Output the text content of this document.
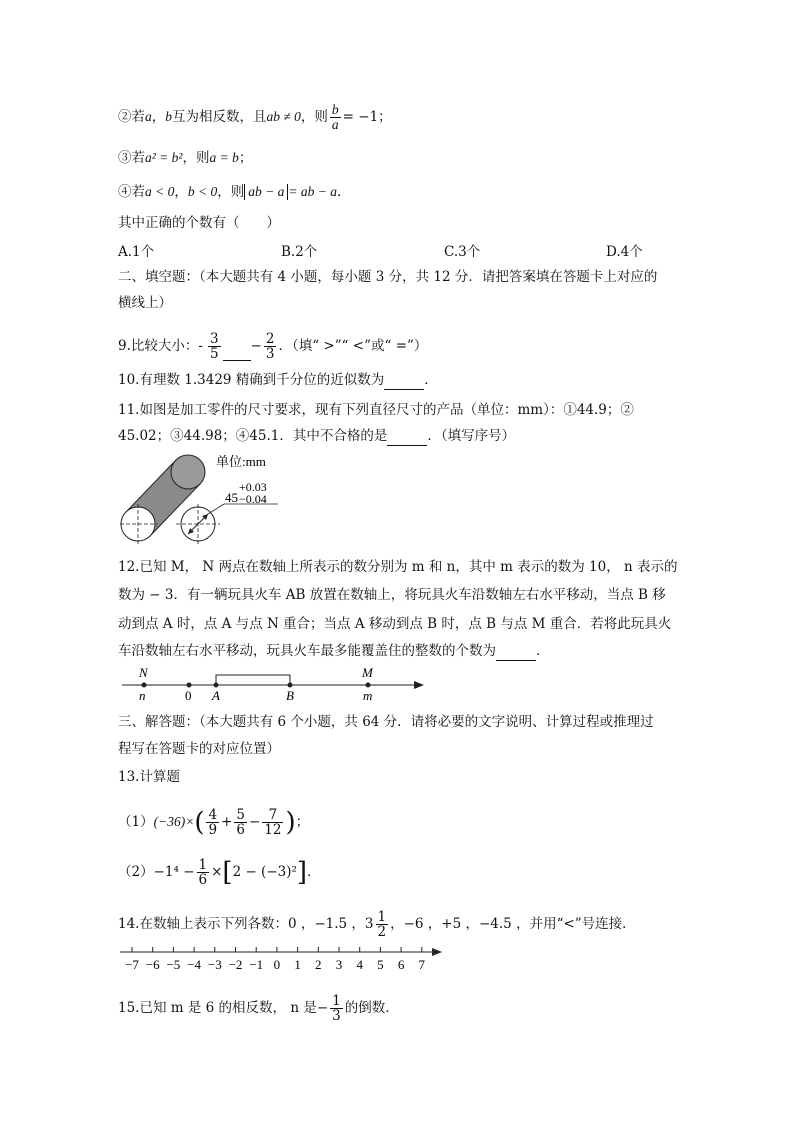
②若a，b互为相反数，且ab ≠ 0，则 $\frac{b}{a} = -1$；
③若a² = b²，则a = b；
④若a < 0，b < 0，则 ab − a = ab − a.
其中正确的个数有（　　）
A.1个	B.2个	C.3个	D.4个
二、填空题：（本大题共有 4 小题，每小题 3 分，共 12 分．请把答案填在答题卡上对应的
横线上）
9.比较大小：- $\frac{3}{5} - \frac{2}{3}$ ．（填“ >”“ <”或“ =”）
10.有理数 1.3429 精确到千分位的近似数为	．
11.如图是加工零件的尺寸要求，现有下列直径尺寸的产品（单位：mm）：①44.9；②
45.02；③44.98；④45.1．其中不合格的是	．（填写序号）
单位:mm
+0.03
45 −0.04
12.已知 M， N 两点在数轴上所表示的数分别为 m 和 n，其中 m 表示的数为 10， n 表示的
数为 − 3．有一辆玩具火车 AB 放置在数轴上，将玩具火车沿数轴左右水平移动，当点 B 移
动到点 A 时，点 A 与点 N 重合；当点 A 移动到点 B 时，点 B 与点 M 重合．若将此玩具火
车沿数轴左右水平移动，玩具火车最多能覆盖住的整数的个数为	．
N
n	0 A	B
M
m
三、解答题：（本大题共有 6 个小题，共 64 分．请将必要的文字说明、计算过程或推理过
程写在答题卡的对应位置）
13.计算题
$(1)(-36)\times( \frac{4}{9} + \frac{5}{6} - \frac{7}{12}$ )；
$(2)-1^4 - \frac{1}{6} \times[2 - (-3)^2]$．
14.在数轴上表示下列各数：0 ，−1.5 ，$3 \frac{1}{2}$ ，−6 ，+5 ，−4.5 ，并用“<”号连接．
−7 −6 −5 −4 −3 −2 −1 0 1 2 3 4 5 6 7
15.已知 m 是 6 的相反数， n 是− $\frac{1}{3}$ 的倒数．
